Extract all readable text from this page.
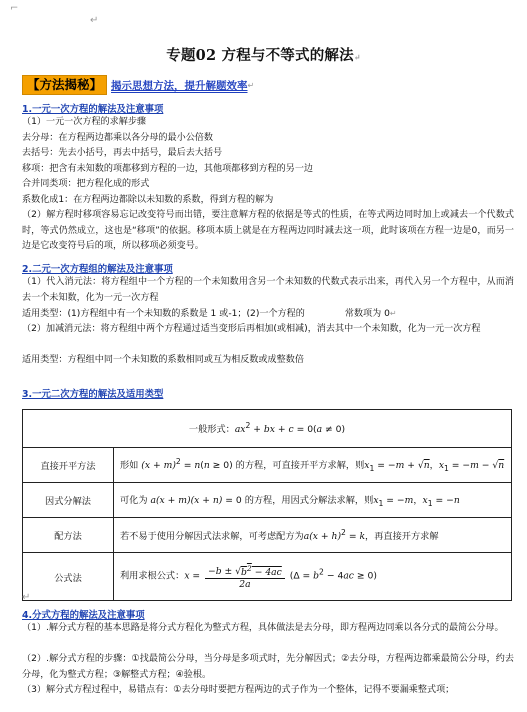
⌐
↵
专题02 方程与不等式的解法↵
【方法揭秘】 揭示思想方法，提升解题效率 ↵
1.一元一次方程的解法及注意事项
（1）一元一次方程的求解步骤
去分母：在方程两边都乘以各分母的最小公倍数
去括号：先去小括号，再去中括号，最后去大括号
移项：把含有未知数的项都移到方程的一边，其他项都移到方程的另一边
合并同类项：把方程化成的形式
系数化成1：在方程两边都除以未知数的系数，得到方程的解为
（2）解方程时移项容易忘记改变符号而出错，要注意解方程的依据是等式的性质，在等式两边同时加上或减去一个代数式时，等式仍然成立，这也是“移项”的依据。移项本质上就是在方程两边同时减去这一项，此时该项在方程一边是0，而另一边是它改变符号后的项，所以移项必须变号。
2.二元一次方程组的解法及注意事项
（1）代入消元法：将方程组中一个方程的一个未知数用含另一个未知数的代数式表示出来，再代入另一个方程中，从而消去一个未知数，化为一元一次方程
适用类型：(1)方程组中有一个未知数的系数是 1 或-1；(2)一个方程的	常数项为 0↵
（2）加减消元法：将方程组中两个方程通过适当变形后再相加(或相减)，消去其中一个未知数，化为一元一次方程
适用类型：方程组中同一个未知数的系数相同或互为相反数或成整数倍
3.一元二次方程的解法及适用类型
一般形式：$ax^2$ + bx + c = 0(a ≠ 0)	
直接开平方法	形如 $(x + m)^2 = n(n \ge 0)$ 的方程，可直接开平方求解，则$x_1 = -m + √n$，$x_1 = -m - √n$
因式分解法	可化为 a(x + m)(x + n) = 0 的方程，用因式分解法求解，则$x_1 = -m$，$x_1 = -n$
配方法	若不易于使用分解因式法求解，可考虑配方为$a(x + h)^2 = k$，再直接开方求解
公式法	利用求根公式：$x = \frac{-b \pm √b^2 - 4ac}{2a} (\Delta = b^2 - 4ac \ge 0)$
↵
4.分式方程的解法及注意事项
（1）.解分式方程的基本思路是将分式方程化为整式方程，具体做法是去分母，即方程两边同乘以各分式的最简公分母。
（2）.解分式方程的步骤：①找最简公分母，当分母是多项式时，先分解因式；②去分母，方程两边都乘最简公分母，约去分母，化为整式方程；③解整式方程；④验根。
（3）解分式方程过程中，易错点有：①去分母时要把方程两边的式子作为一个整体，记得不要漏乘整式项；
